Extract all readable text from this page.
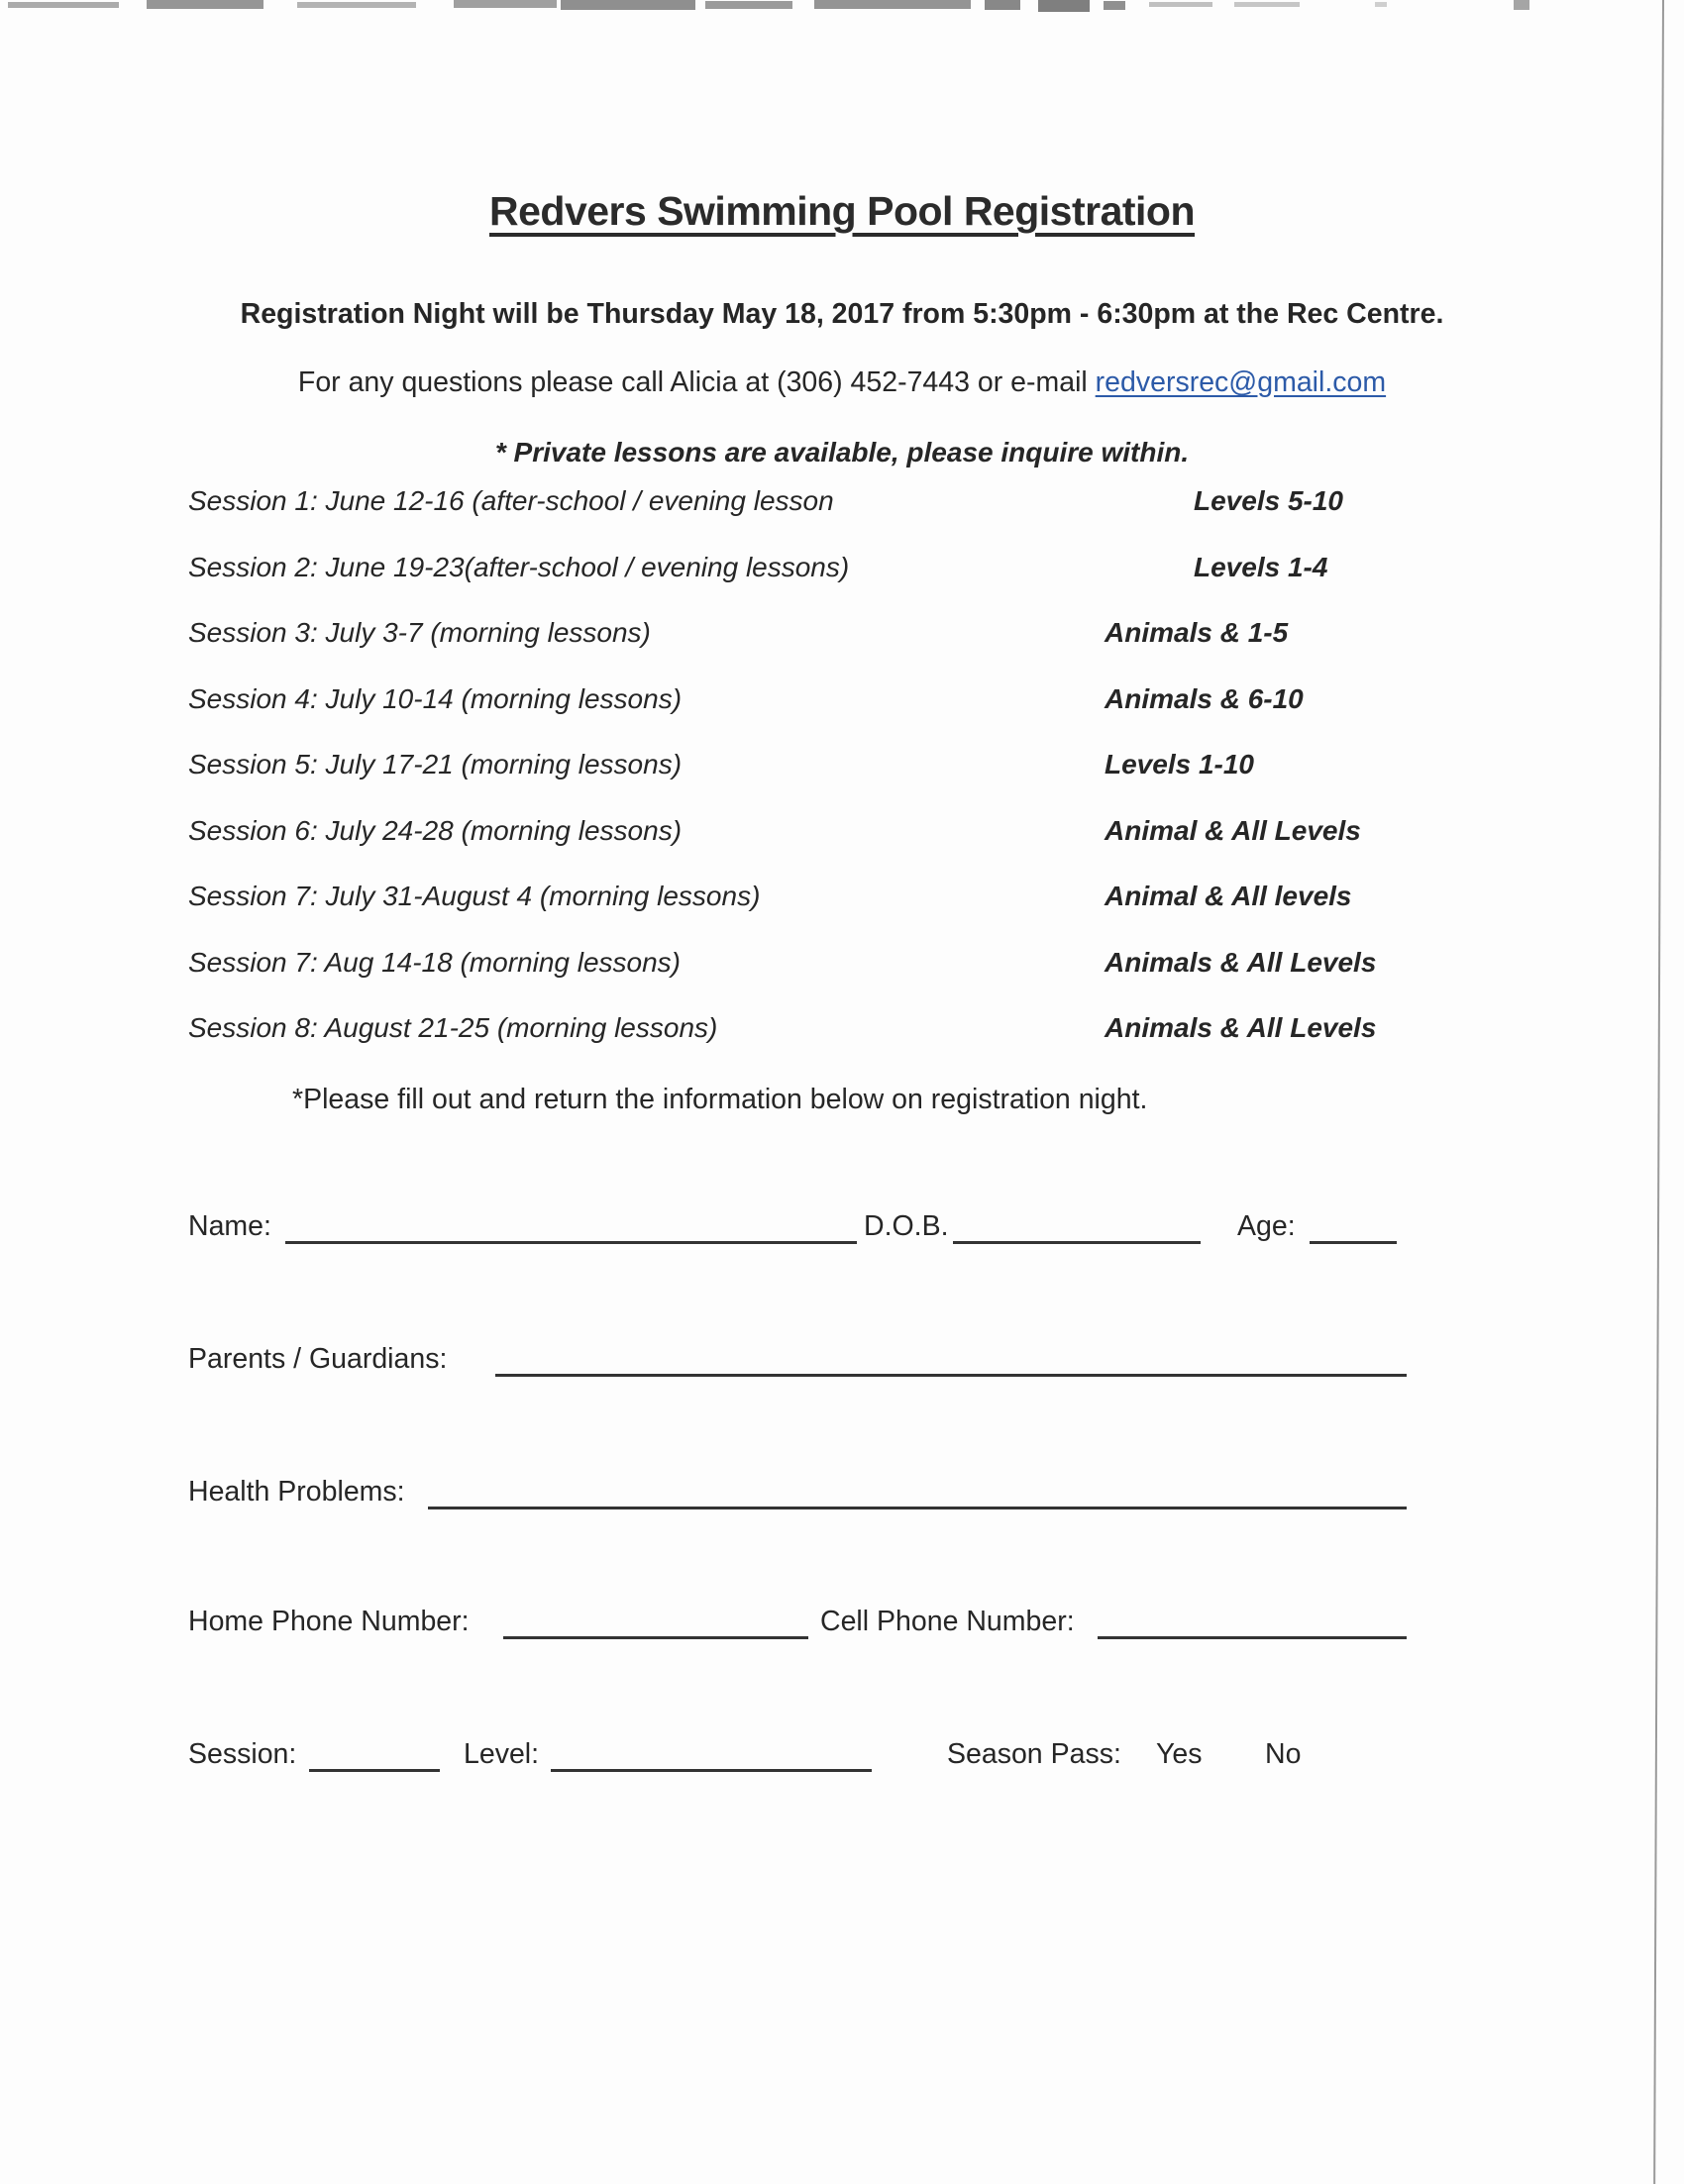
Redvers Swimming Pool Registration
Registration Night will be Thursday May 18, 2017 from 5:30pm - 6:30pm at the Rec Centre.
For any questions please call Alicia at (306) 452-7443 or e-mail redversrec@gmail.com
* Private lessons are available, please inquire within.
Session 1: June 12-16 (after-school / evening lesson	Levels 5-10
Session 2: June 19-23(after-school / evening lessons)	Levels 1-4
Session 3: July 3-7 (morning lessons)	Animals & 1-5
Session 4: July 10-14 (morning lessons)	Animals & 6-10
Session 5: July 17-21 (morning lessons)	Levels 1-10
Session 6: July 24-28 (morning lessons)	Animal & All Levels
Session 7: July 31-August 4 (morning lessons)	Animal & All levels
Session 7: Aug 14-18 (morning lessons)	Animals & All Levels
Session 8: August 21-25 (morning lessons)	Animals & All Levels
*Please fill out and return the information below on registration night.
Name:	D.O.B.	Age:
Parents / Guardians:
Health Problems:
Home Phone Number:	Cell Phone Number:
Session:	Level:	Season Pass: Yes No
